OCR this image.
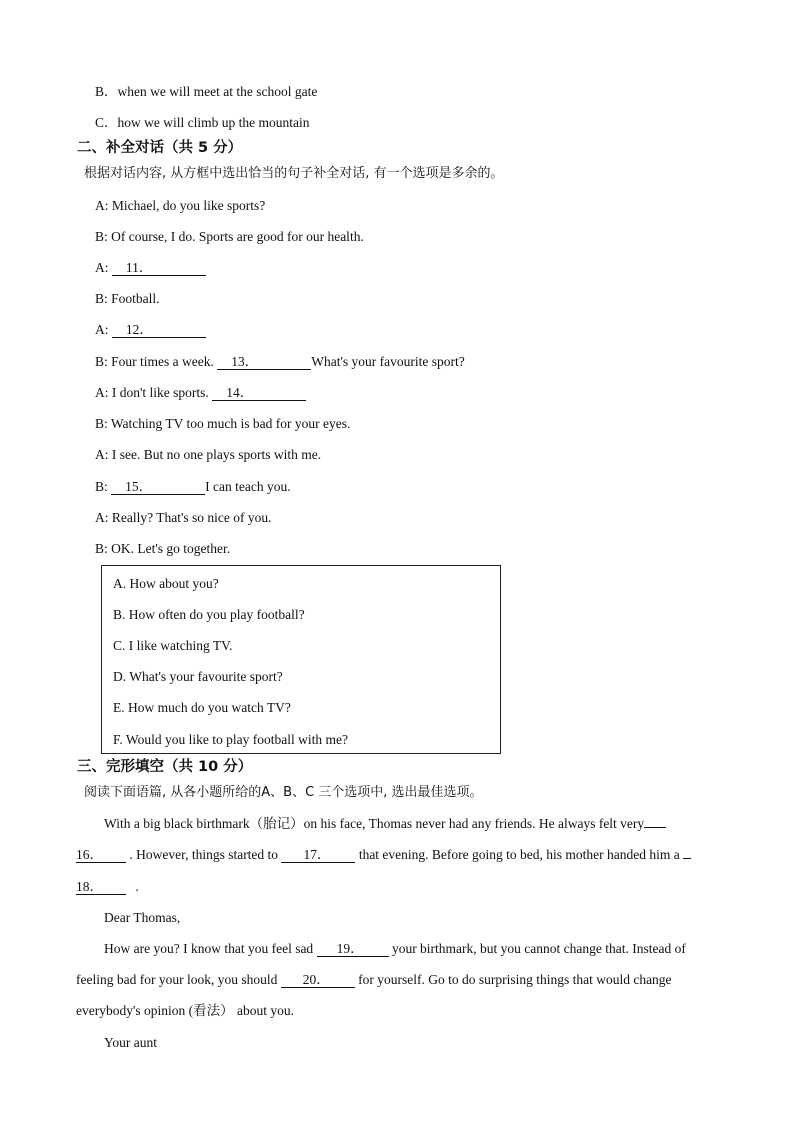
B．when we will meet at the school gate
C．how we will climb up the mountain
二、补全对话（共 5 分）
根据对话内容, 从方框中选出恰当的句子补全对话, 有一个选项是多余的。
A: Michael, do you like sports?
B: Of course, I do. Sports are good for our health.
A: 11．
B: Football.
A: 12．
B: Four times a week. 13．	What's your favourite sport?
A: I don't like sports. 14．
B: Watching TV too much is bad for your eyes.
A: I see. But no one plays sports with me.
B: 15．	I can teach you.
A: Really? That's so nice of you.
B: OK. Let's go together.
A. How about you?
B. How often do you play football?
C. I like watching TV.
D. What's your favourite sport?
E. How much do you watch TV?
F. Would you like to play football with me?
三、完形填空（共 10 分）
阅读下面语篇, 从各小题所给的A、B、C 三个选项中, 选出最佳选项。
With a big black birthmark（胎记）on his face, Thomas never had any friends. He always felt very
16． . However, things started to 17． that evening. Before going to bed, his mother handed him a
18． .
Dear Thomas,
How are you? I know that you feel sad 19． your birthmark, but you cannot change that. Instead of
feeling bad for your look, you should 20． for yourself. Go to do surprising things that would change
everybody's opinion (看法） about you.
Your aunt
